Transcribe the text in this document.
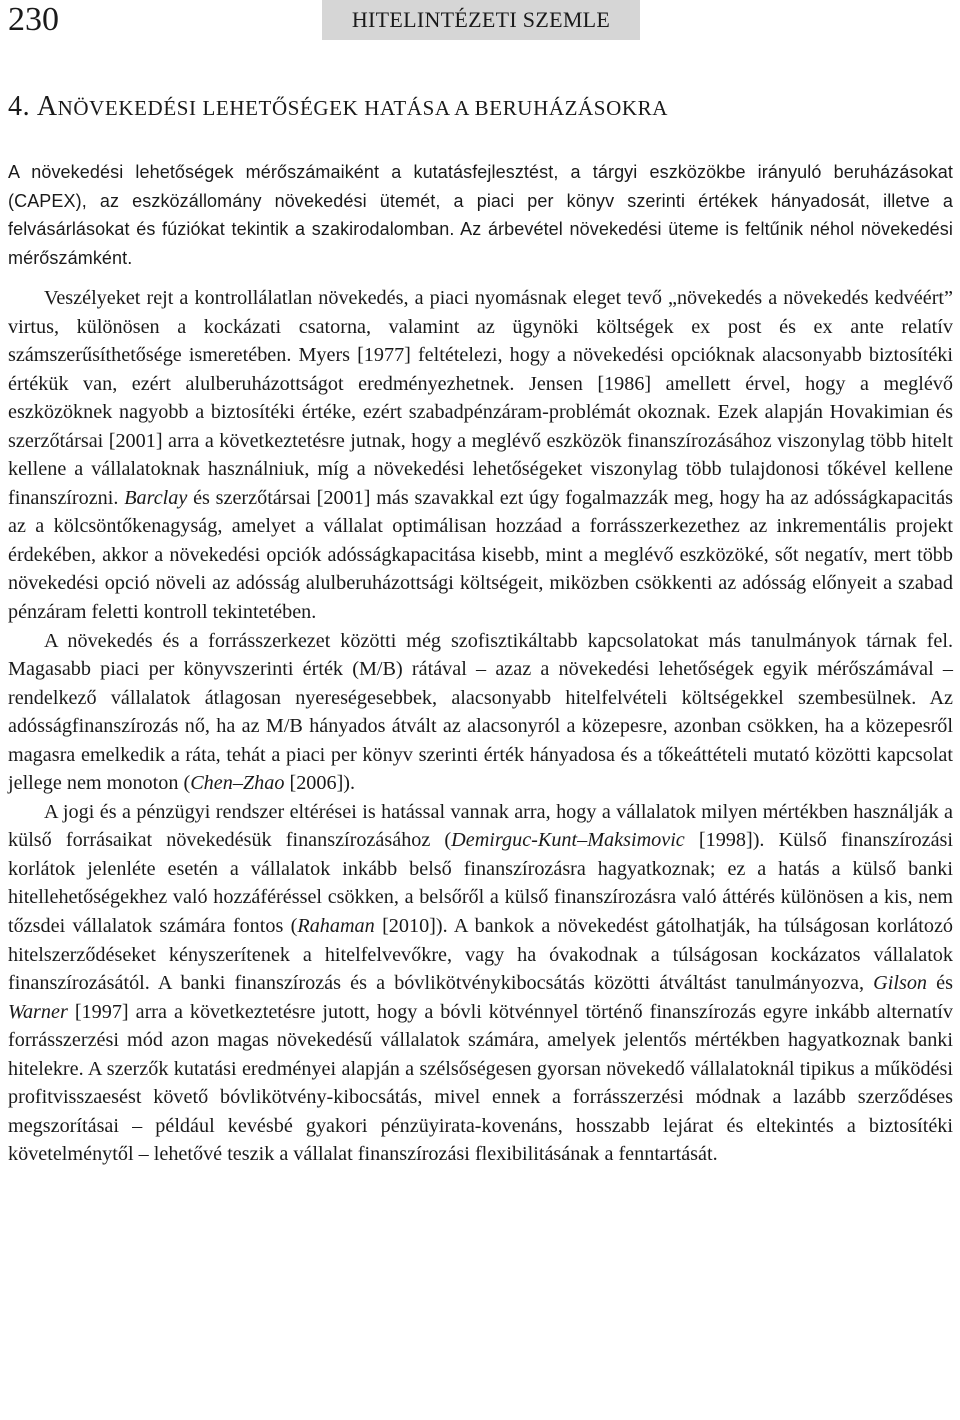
230	HITELINTÉZETI SZEMLE
4. ANÖVEKEDÉSI LEHETŐSÉGEK HATÁSA A BERUHÁZÁSOKRA
A növekedési lehetőségek mérőszámaiként a kutatásfejlesztést, a tárgyi eszközökbe irányuló beruházásokat (CAPEX), az eszközállomány növekedési ütemét, a piaci per könyv szerinti értékek hányadosát, illetve a felvásárlásokat és fúziókat tekintik a szakirodalomban. Az árbevétel növekedési üteme is feltűnik néhol növekedési mérőszámként.

Veszélyeket rejt a kontrollálatlan növekedés, a piaci nyomásnak eleget tevő „növekedés a növekedés kedvéért” virtus, különösen a kockázati csatorna, valamint az ügynöki költségek ex post és ex ante relatív számszerűsíthetősége ismeretében. Myers [1977] feltételezi, hogy a növekedési opcióknak alacsonyabb biztosítéki értékük van, ezért alulberuházottságot eredményezhetnek. Jensen [1986] amellett érvel, hogy a meglévő eszközöknek nagyobb a biztosítéki értéke, ezért szabadpénzáram-problémát okoznak. Ezek alapján Hovakimian és szerzőtársai [2001] arra a következtetésre jutnak, hogy a meglévő eszközök finanszírozásához viszonylag több hitelt kellene a vállalatoknak használniuk, míg a növekedési lehetőségeket viszonylag több tulajdonosi tőkével kellene finanszírozni. Barclay és szerzőtársai [2001] más szavakkal ezt úgy fogalmazzák meg, hogy ha az adósságkapacitás az a kölcsöntőkenagyság, amelyet a vállalat optimálisan hozzáad a forrásszerkezethez az inkrementális projekt érdekében, akkor a növekedési opciók adósságkapacitása kisebb, mint a meglévő eszközöké, sőt negatív, mert több növekedési opció növeli az adósság alulberuházottsági költségeit, miközben csökkenti az adósság előnyeit a szabad pénzáram feletti kontroll tekintetében.

A növekedés és a forrásszerkezet közötti még szofisztikáltabb kapcsolatokat más tanulmányok tárnak fel. Magasabb piaci per könyvszerinti érték (M/B) rátával – azaz a növekedési lehetőségek egyik mérőszámával – rendelkező vállalatok átlagosan nyereségesebbek, alacsonyabb hitelfelvételi költségekkel szembesülnek. Az adósságfinanszírozás nő, ha az M/B hányados átvált az alacsonyról a közepesre, azonban csökken, ha a közepesről magasra emelkedik a ráta, tehát a piaci per könyv szerinti érték hányadosa és a tőkeáttételi mutató közötti kapcsolat jellege nem monoton (Chen–Zhao [2006]).

A jogi és a pénzügyi rendszer eltérései is hatással vannak arra, hogy a vállalatok milyen mértékben használják a külső forrásaikat növekedésük finanszírozásához (Demirguc-Kunt–Maksimovic [1998]). Külső finanszírozási korlátok jelenléte esetén a vállalatok inkább belső finanszírozásra hagyatkoznak; ez a hatás a külső banki hitellehetőségekhez való hozzáféréssel csökken, a belsőről a külső finanszírozásra való áttérés különösen a kis, nem tőzsdei vállalatok számára fontos (Rahaman [2010]). A bankok a növekedést gátolhatják, ha túlságosan korlátozó hitelszerződéseket kényszerítenek a hitelfelvevőkre, vagy ha óvakodnak a túlságosan kockázatos vállalatok finanszírozásától. A banki finanszírozás és a bóvlikötvénykibocsátás közötti átváltást tanulmányozva, Gilson és Warner [1997] arra a következtetésre jutott, hogy a bóvli kötvénnyel történő finanszírozás egyre inkább alternatív forrásszerzési mód azon magas növekedésű vállalatok számára, amelyek jelentős mértékben hagyatkoznak banki hitelekre. A szerzők kutatási eredményei alapján a szélsőségesen gyorsan növekedő vállalatoknál tipikus a működési profitvisszaesést követő bóvlikötvény-kibocsátás, mivel ennek a forrásszerzési módnak a lazább szerződéses megszorításai – például kevésbé gyakori pénzüyirata-kovenáns, hosszabb lejárat és eltekintés a biztosítéki követelménytől – lehetővé teszik a vállalat finanszírozási flexibilitásának a fenntartását.
